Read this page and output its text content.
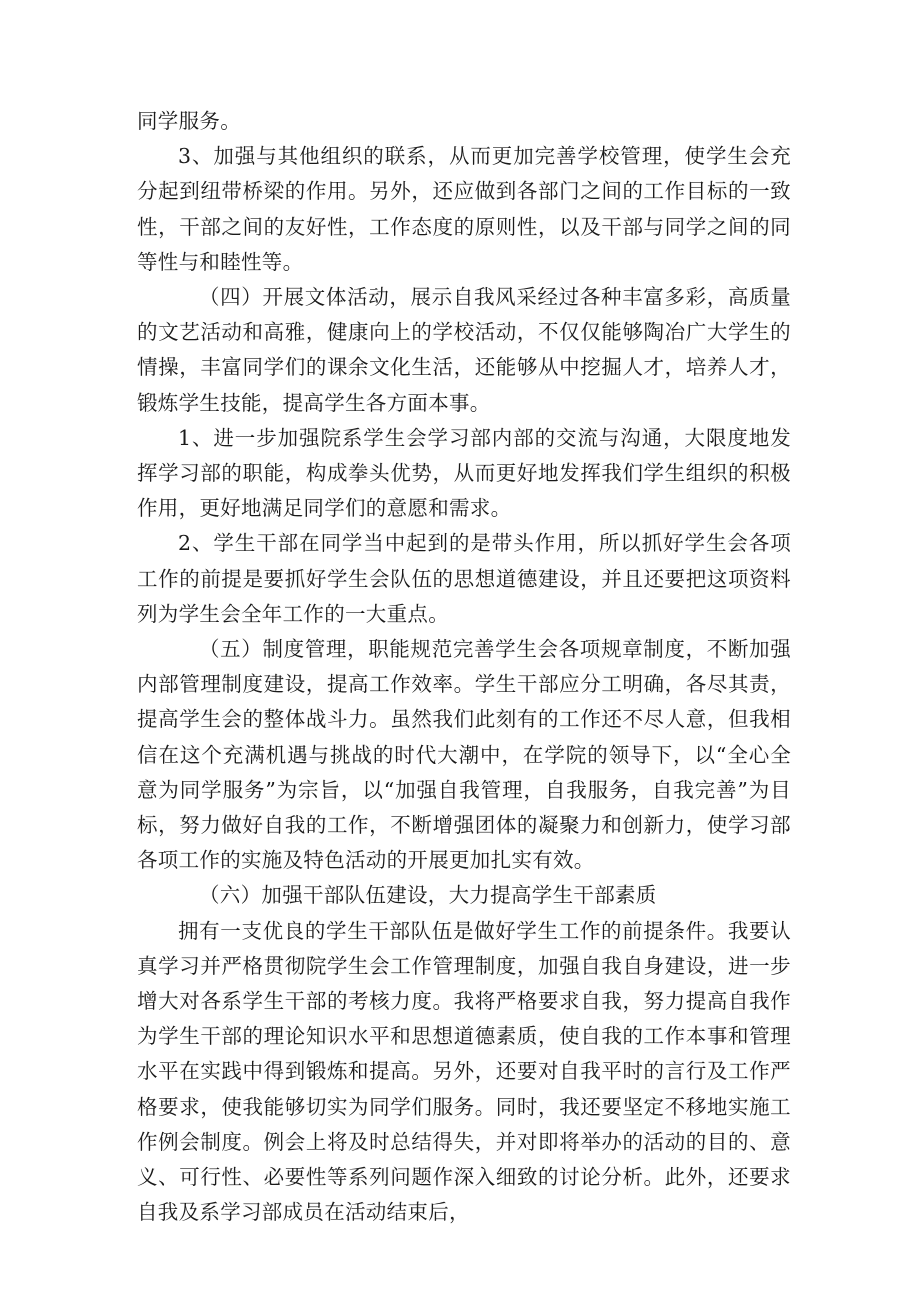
同学服务。

3、加强与其他组织的联系，从而更加完善学校管理，使学生会充分起到纽带桥梁的作用。另外，还应做到各部门之间的工作目标的一致性，干部之间的友好性，工作态度的原则性，以及干部与同学之间的同等性与和睦性等。

（四）开展文体活动，展示自我风采经过各种丰富多彩，高质量的文艺活动和高雅，健康向上的学校活动，不仅仅能够陶冶广大学生的情操，丰富同学们的课余文化生活，还能够从中挖掘人才，培养人才，锻炼学生技能，提高学生各方面本事。

1、进一步加强院系学生会学习部内部的交流与沟通，大限度地发挥学习部的职能，构成拳头优势，从而更好地发挥我们学生组织的积极作用，更好地满足同学们的意愿和需求。

2、学生干部在同学当中起到的是带头作用，所以抓好学生会各项工作的前提是要抓好学生会队伍的思想道德建设，并且还要把这项资料列为学生会全年工作的一大重点。

（五）制度管理，职能规范完善学生会各项规章制度，不断加强内部管理制度建设，提高工作效率。学生干部应分工明确，各尽其责，提高学生会的整体战斗力。虽然我们此刻有的工作还不尽人意，但我相信在这个充满机遇与挑战的时代大潮中，在学院的领导下，以“全心全意为同学服务”为宗旨，以“加强自我管理，自我服务，自我完善”为目标，努力做好自我的工作，不断增强团体的凝聚力和创新力，使学习部各项工作的实施及特色活动的开展更加扎实有效。

（六）加强干部队伍建设，大力提高学生干部素质

拥有一支优良的学生干部队伍是做好学生工作的前提条件。我要认真学习并严格贯彻院学生会工作管理制度，加强自我自身建设，进一步增大对各系学生干部的考核力度。我将严格要求自我，努力提高自我作为学生干部的理论知识水平和思想道德素质，使自我的工作本事和管理水平在实践中得到锻炼和提高。另外，还要对自我平时的言行及工作严格要求，使我能够切实为同学们服务。同时，我还要坚定不移地实施工作例会制度。例会上将及时总结得失，并对即将举办的活动的目的、意义、可行性、必要性等系列问题作深入细致的讨论分析。此外，还要求自我及系学习部成员在活动结束后，
